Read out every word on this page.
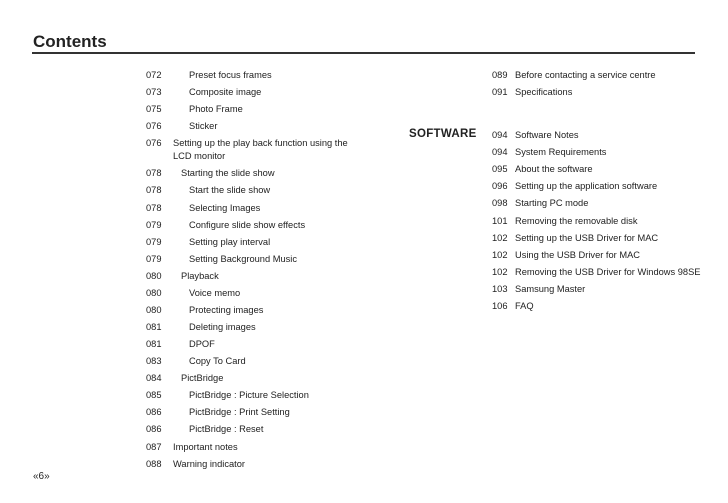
Contents
072	Preset focus frames
073	Composite image
075	Photo Frame
076	Sticker
076 Setting up the play back function using the
LCD monitor
078 Starting the slide show
078	Start the slide show
078	Selecting Images
079	Configure slide show effects
079	Setting play interval
079	Setting Background Music
080 Playback
080	Voice memo
080	Protecting images
081	Deleting images
081	DPOF
083	Copy To Card
084 PictBridge
085	PictBridge : Picture Selection
086	PictBridge : Print Setting
086	PictBridge : Reset
087 Important notes
088 Warning indicator
089 Before contacting a service centre
091 Specifications
SOFTWARE 094 Software Notes
094 System Requirements
095 About the software
096 Setting up the application software
098 Starting PC mode
101 Removing the removable disk
102 Setting up the USB Driver for MAC
102 Using the USB Driver for MAC
102 Removing the USB Driver for Windows 98SE
103 Samsung Master
106 FAQ
«6»
